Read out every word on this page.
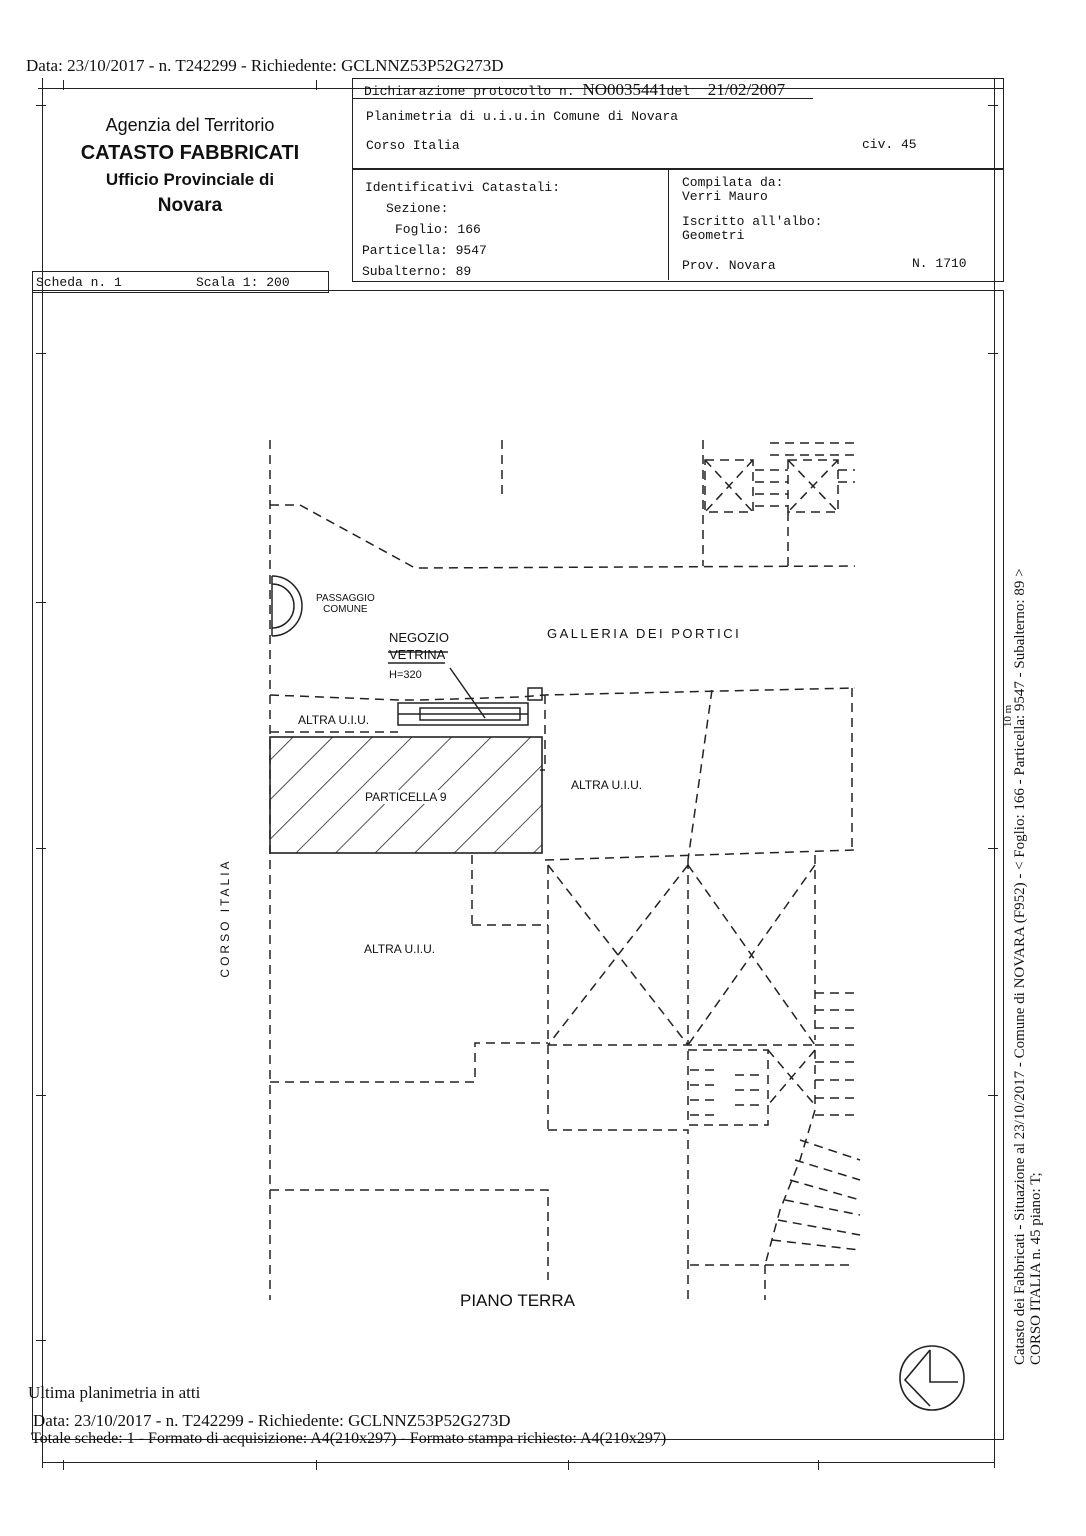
Data: 23/10/2017 - n. T242299 - Richiedente: GCLNNZ53P52G273D
Agenzia del Territorio
CATASTO FABBRICATI
Ufficio Provinciale di
Novara
Dichiarazione protocollo n. NO0035441del 21/02/2007
Planimetria di u.i.u.in Comune di Novara
Corso Italia	civ. 45
Identificativi Catastali:
Sezione:
Foglio: 166
Particella: 9547
Subalterno: 89
Compilata da:
Verri Mauro
Iscritto all'albo:
Geometri
Prov. Novara	N. 1710
Scheda n. 1	Scala 1: 200
PASSAGGIO
COMUNE
GALLERIA DEI PORTICI
NEGOZIO
VETRINA
H=320
ALTRA U.I.U.
ALTRA U.I.U.
PARTICELLA 9
ALTRA U.I.U.
CORSO ITALIA
PIANO TERRA	Catasto dei Fabbricati - Situazione al 23/10/2017 - Comune di NOVARA (F952) - < Foglio: 166 - Particella: 9547 - Subalterno: 89 > CORSO ITALIA n. 45 piano: T;
10 m
Ultima planimetria in atti
Data: 23/10/2017 - n. T242299 - Richiedente: GCLNNZ53P52G273D
Totale schede: 1 - Formato di acquisizione: A4(210x297) - Formato stampa richiesto: A4(210x297)
